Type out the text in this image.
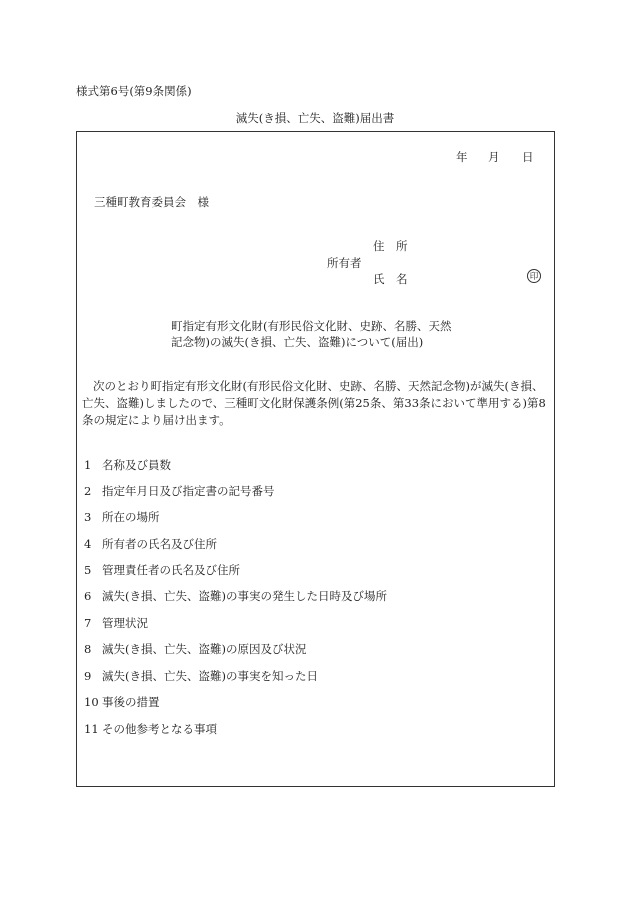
様式第6号(第9条関係)
滅失(き損、亡失、盗難)届出書
年 月 日
三種町教育委員会　様
住　所
所有者
氏　名	印
町指定有形文化財(有形民俗文化財、史跡、名勝、天然
記念物)の滅失(き損、亡失、盗難)について(届出)
次のとおり町指定有形文化財(有形民俗文化財、史跡、名勝、天然記念物)が滅失(き損、
亡失、盗難)しましたので、三種町文化財保護条例(第25条、第33条において準用する)第8
条の規定により届け出ます。
1 名称及び員数
2 指定年月日及び指定書の記号番号
3 所在の場所
4 所有者の氏名及び住所
5 管理責任者の氏名及び住所
6 滅失(き損、亡失、盗難)の事実の発生した日時及び場所
7 管理状況
8 滅失(き損、亡失、盗難)の原因及び状況
9 滅失(き損、亡失、盗難)の事実を知った日
10 事後の措置
11 その他参考となる事項
